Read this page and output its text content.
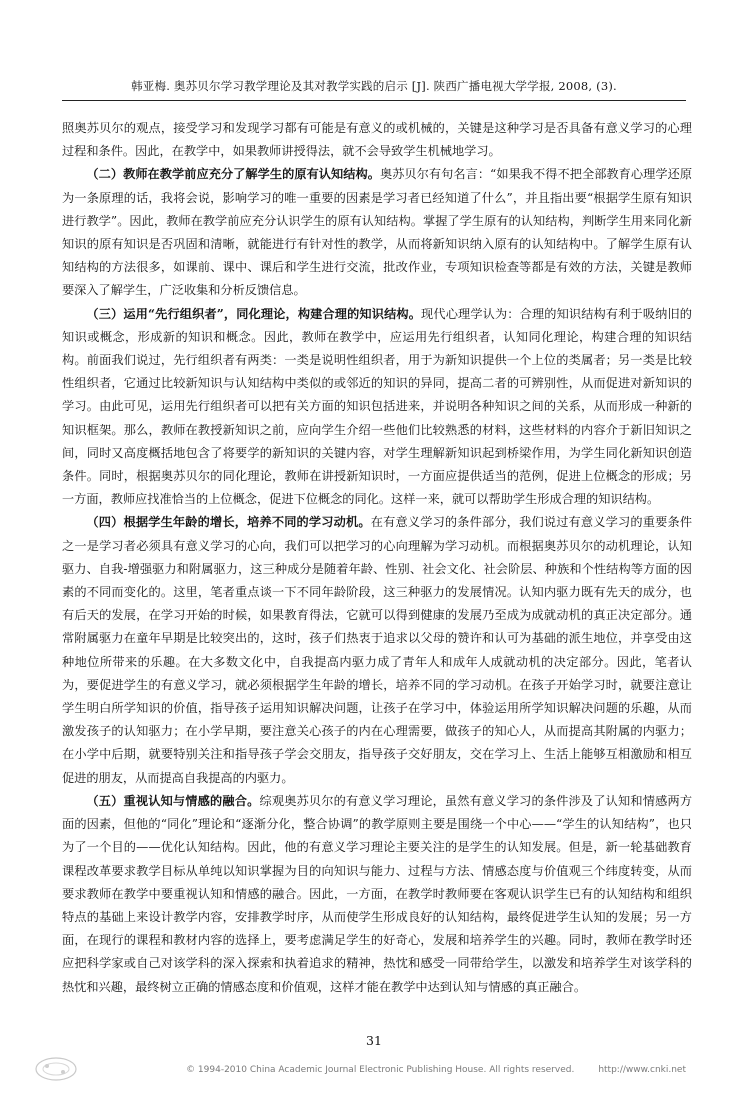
韩亚梅. 奥苏贝尔学习教学理论及其对教学实践的启示 [J]. 陕西广播电视大学学报, 2008, (3).

照奥苏贝尔的观点，接受学习和发现学习都有可能是有意义的或机械的，关键是这种学习是否具备有意义学习的心理过程和条件。因此，在教学中，如果教师讲授得法，就不会导致学生机械地学习。

（二）教师在教学前应充分了解学生的原有认知结构。奥苏贝尔有句名言：“如果我不得不把全部教育心理学还原为一条原理的话，我将会说，影响学习的唯一重要的因素是学习者已经知道了什么”，并且指出要“根据学生原有知识进行教学”。因此，教师在教学前应充分认识学生的原有认知结构。掌握了学生原有的认知结构，判断学生用来同化新知识的原有知识是否巩固和清晰，就能进行有针对性的教学，从而将新知识纳入原有的认知结构中。了解学生原有认知结构的方法很多，如课前、课中、课后和学生进行交流，批改作业，专项知识检查等都是有效的方法，关键是教师要深入了解学生，广泛收集和分析反馈信息。

（三）运用“先行组织者”，同化理论，构建合理的知识结构。现代心理学认为：合理的知识结构有利于吸纳旧的知识或概念，形成新的知识和概念。因此，教师在教学中，应运用先行组织者，认知同化理论，构建合理的知识结构。前面我们说过，先行组织者有两类：一类是说明性组织者，用于为新知识提供一个上位的类属者；另一类是比较性组织者，它通过比较新知识与认知结构中类似的或邻近的知识的异同，提高二者的可辨别性，从而促进对新知识的学习。由此可见，运用先行组织者可以把有关方面的知识包括进来，并说明各种知识之间的关系，从而形成一种新的知识框架。那么，教师在教授新知识之前，应向学生介绍一些他们比较熟悉的材料，这些材料的内容介于新旧知识之间，同时又高度概括地包含了将要学的新知识的关键内容，对学生理解新知识起到桥梁作用，为学生同化新知识创造条件。同时，根据奥苏贝尔的同化理论，教师在讲授新知识时，一方面应提供适当的范例，促进上位概念的形成；另一方面，教师应找准恰当的上位概念，促进下位概念的同化。这样一来，就可以帮助学生形成合理的知识结构。

（四）根据学生年龄的增长，培养不同的学习动机。在有意义学习的条件部分，我们说过有意义学习的重要条件之一是学习者必须具有意义学习的心向，我们可以把学习的心向理解为学习动机。而根据奥苏贝尔的动机理论，认知驱力、自我-增强驱力和附属驱力，这三种成分是随着年龄、性别、社会文化、社会阶层、种族和个性结构等方面的因素的不同而变化的。这里，笔者重点谈一下不同年龄阶段，这三种驱力的发展情况。认知内驱力既有先天的成分，也有后天的发展，在学习开始的时候，如果教育得法，它就可以得到健康的发展乃至成为成就动机的真正决定部分。通常附属驱力在童年早期是比较突出的，这时，孩子们热衷于追求以父母的赞许和认可为基础的派生地位，并享受由这种地位所带来的乐趣。在大多数文化中，自我提高内驱力成了青年人和成年人成就动机的决定部分。因此，笔者认为，要促进学生的有意义学习，就必须根据学生年龄的增长，培养不同的学习动机。在孩子开始学习时，就要注意让学生明白所学知识的价值，指导孩子运用知识解决问题，让孩子在学习中，体验运用所学知识解决问题的乐趣，从而激发孩子的认知驱力；在小学早期，要注意关心孩子的内在心理需要，做孩子的知心人，从而提高其附属的内驱力；在小学中后期，就要特别关注和指导孩子学会交朋友，指导孩子交好朋友，交在学习上、生活上能够互相激励和相互促进的朋友，从而提高自我提高的内驱力。

（五）重视认知与情感的融合。综观奥苏贝尔的有意义学习理论，虽然有意义学习的条件涉及了认知和情感两方面的因素，但他的“同化”理论和“逐渐分化，整合协调”的教学原则主要是围绕一个中心——“学生的认知结构”，也只为了一个目的——优化认知结构。因此，他的有意义学习理论主要关注的是学生的认知发展。但是，新一轮基础教育课程改革要求教学目标从单纯以知识掌握为目的向知识与能力、过程与方法、情感态度与价值观三个纬度转变，从而要求教师在教学中要重视认知和情感的融合。因此，一方面，在教学时教师要在客观认识学生已有的认知结构和组织特点的基础上来设计教学内容，安排教学时序，从而使学生形成良好的认知结构，最终促进学生认知的发展；另一方面，在现行的课程和教材内容的选择上，要考虑满足学生的好奇心，发展和培养学生的兴趣。同时，教师在教学时还应把科学家或自己对该学科的深入探索和执着追求的精神，热忱和感受一同带给学生，以激发和培养学生对该学科的热忱和兴趣，最终树立正确的情感态度和价值观，这样才能在教学中达到认知与情感的真正融合。

31
© 1994-2010 China Academic Journal Electronic Publishing House. All rights reserved.	http://www.cnki.net
